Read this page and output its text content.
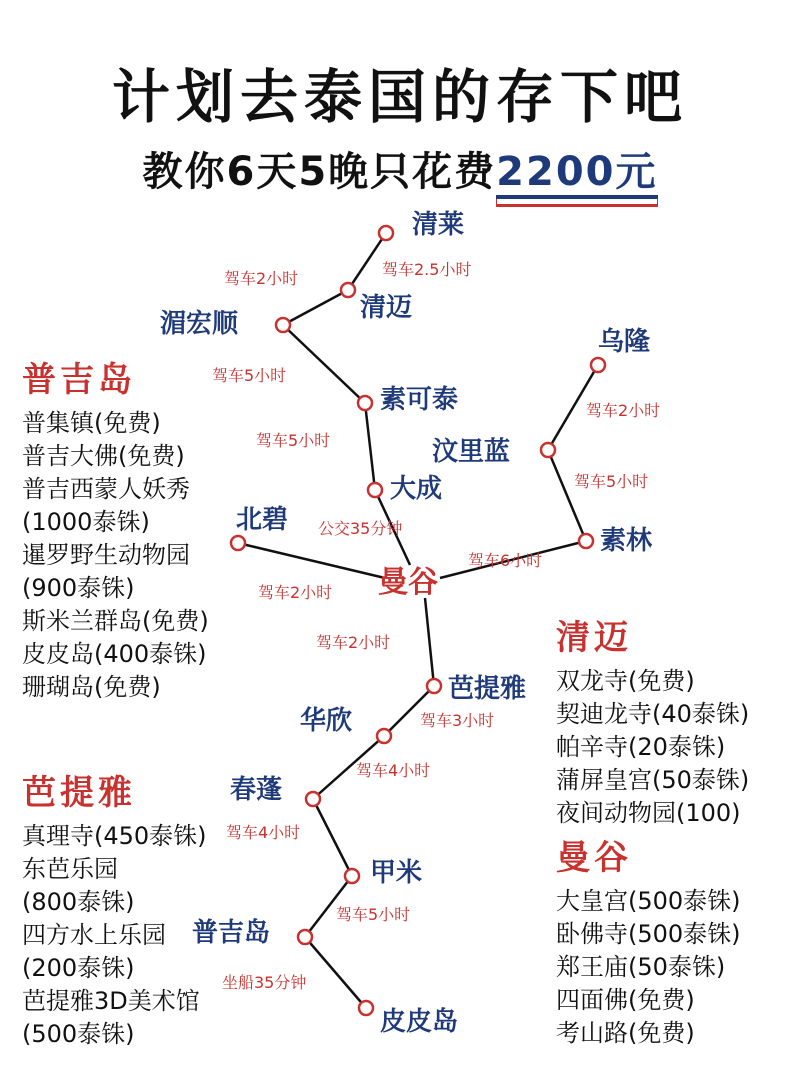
计划去泰国的存下吧
教你6天5晚只花费2200元
清莱
清迈
湄宏顺
素可泰
大成
北碧
乌隆
汶里蓝
素林
曼谷
芭提雅
华欣
春蓬
甲米
普吉岛
皮皮岛
驾车2.5小时
驾车2小时
驾车5小时
驾车5小时
公交35分钟
驾车2小时
驾车2小时
驾车5小时
驾车6小时
驾车2小时
驾车3小时
驾车4小时
驾车4小时
驾车5小时
坐船35分钟
普吉岛
普集镇(免费)
普吉大佛(免费)
普吉西蒙人妖秀
(1000泰铢)
暹罗野生动物园
(900泰铢)
斯米兰群岛(免费)
皮皮岛(400泰铢)
珊瑚岛(免费)
芭提雅
真理寺(450泰铢)
东芭乐园
(800泰铢)
四方水上乐园
(200泰铢)
芭提雅3D美术馆
(500泰铢)
清迈
双龙寺(免费)
契迪龙寺(40泰铢)
帕辛寺(20泰铢)
蒲屏皇宫(50泰铢)
夜间动物园(100)
曼谷
大皇宫(500泰铢)
卧佛寺(500泰铢)
郑王庙(50泰铢)
四面佛(免费)
考山路(免费)
